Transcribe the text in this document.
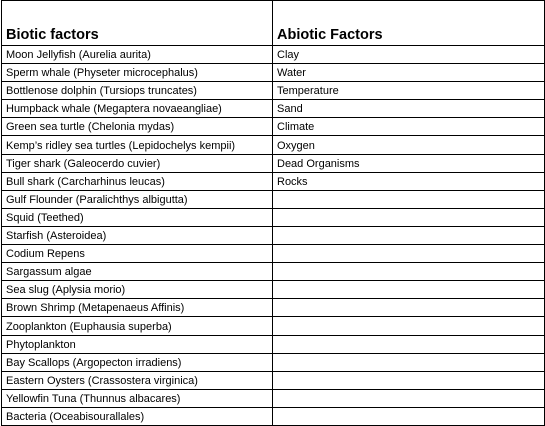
Biotic factors	Abiotic Factors
Moon Jellyfish (Aurelia aurita)	Clay
Sperm whale (Physeter microcephalus)	Water
Bottlenose dolphin (Tursiops truncates)	Temperature
Humpback whale (Megaptera novaeangliae)	Sand
Green sea turtle (Chelonia mydas)	Climate
Kemp’s ridley sea turtles (Lepidochelys kempii)	Oxygen
Tiger shark (Galeocerdo cuvier)	Dead Organisms
Bull shark (Carcharhinus leucas)	Rocks
Gulf Flounder (Paralichthys albigutta)	
Squid (Teethed)	
Starfish (Asteroidea)	
Codium Repens	
Sargassum algae	
Sea slug (Aplysia morio)	
Brown Shrimp (Metapenaeus Affinis)	
Zooplankton (Euphausia superba)	
Phytoplankton	
Bay Scallops (Argopecton irradiens)	
Eastern Oysters (Crassostera virginica)	
Yellowfin Tuna (Thunnus albacares)	
Bacteria (Oceabisourallales)	
